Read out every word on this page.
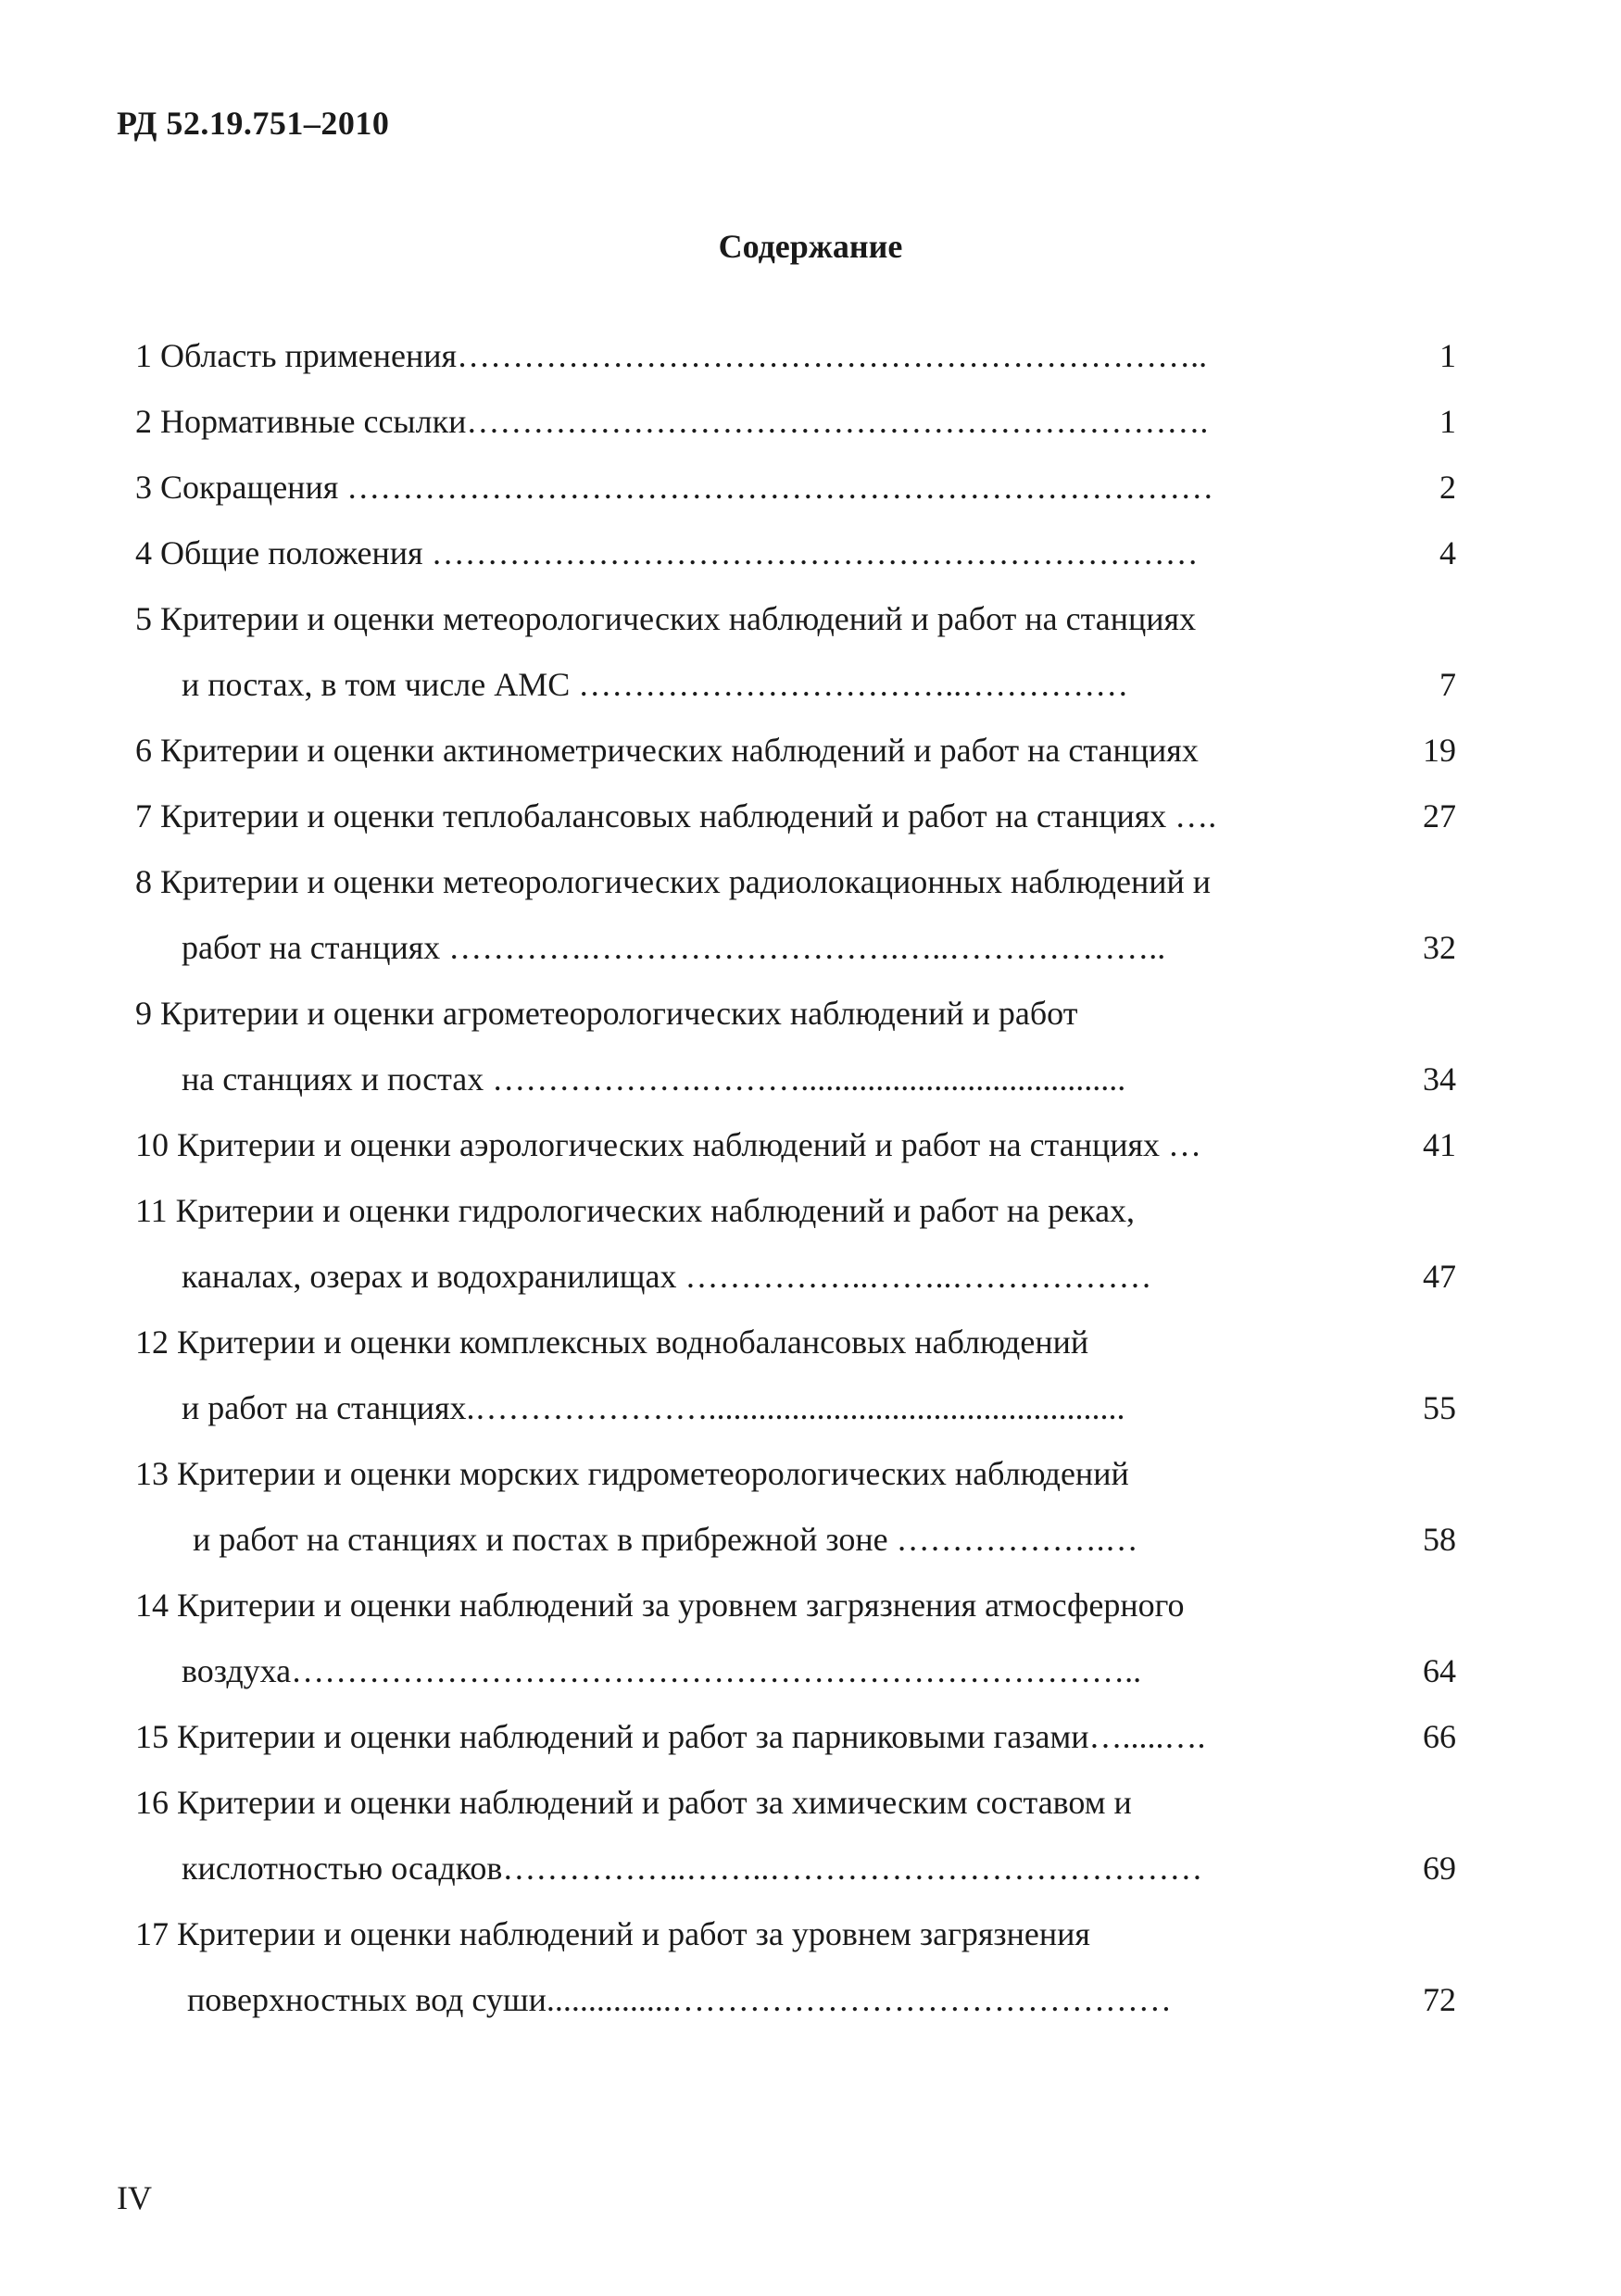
РД 52.19.751–2010
Содержание
1 Область применения…………………………………………………………..	1
2 Нормативные ссылки………………………………………………………….	1
3 Сокращения ……………………………………………………………………	2
4 Общие положения ……………………………………………………………	4
5 Критерии и оценки метеорологических наблюдений и работ на станциях
и постах, в том числе АМС ……………………………..……………	7
6 Критерии и оценки актинометрических наблюдений и работ на станциях	19
7 Критерии и оценки теплобалансовых наблюдений и работ на станциях ….	27
8 Критерии и оценки метеорологических радиолокационных наблюдений и
работ на станциях ………….……………………….…..………………..	32
9 Критерии и оценки агрометеорологических наблюдений и работ
на станциях и постах ……………….……….......................................	34
10 Критерии и оценки аэрологических наблюдений и работ на станциях …	41
11 Критерии и оценки гидрологических наблюдений и работ на реках,
каналах, озерах и водохранилищах ……………..……..………………	47
12 Критерии и оценки комплексных воднобалансовых наблюдений
и работ на станциях.…………………..................................................	55
13 Критерии и оценки морских гидрометеорологических наблюдений
и работ на станциях и постах в прибрежной зоне ……………….…	58
14 Критерии и оценки наблюдений за уровнем загрязнения атмосферного
воздуха…………………………………………………………………..	64
15 Критерии и оценки наблюдений и работ за парниковыми газами….....….	66
16 Критерии и оценки наблюдений и работ за химическим составом и
кислотностью осадков……………..……..…………………………………	69
17 Критерии и оценки наблюдений и работ за уровнем загрязнения
поверхностных вод суши...............………………………………………	72
IV
